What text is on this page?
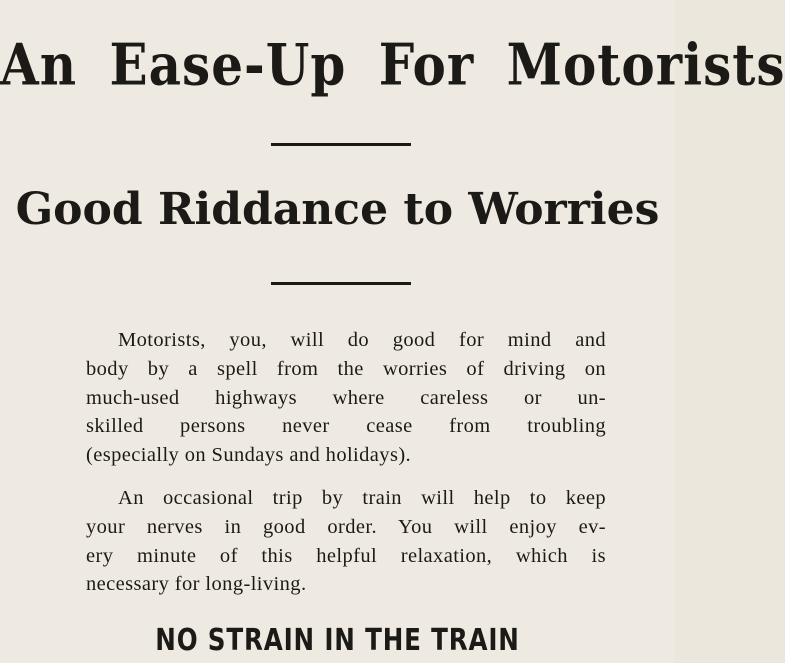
An Ease-Up For Motorists
Good Riddance to Worries

Motorists, you, will do good for mind and
body by a spell from the worries of driving on
much-used highways where careless or un-
skilled persons never cease from troubling
(especially on Sundays and holidays).

An occasional trip by train will help to keep
your nerves in good order. You will enjoy ev-
ery minute of this helpful relaxation, which is
necessary for long-living.

NO STRAIN IN THE TRAIN
